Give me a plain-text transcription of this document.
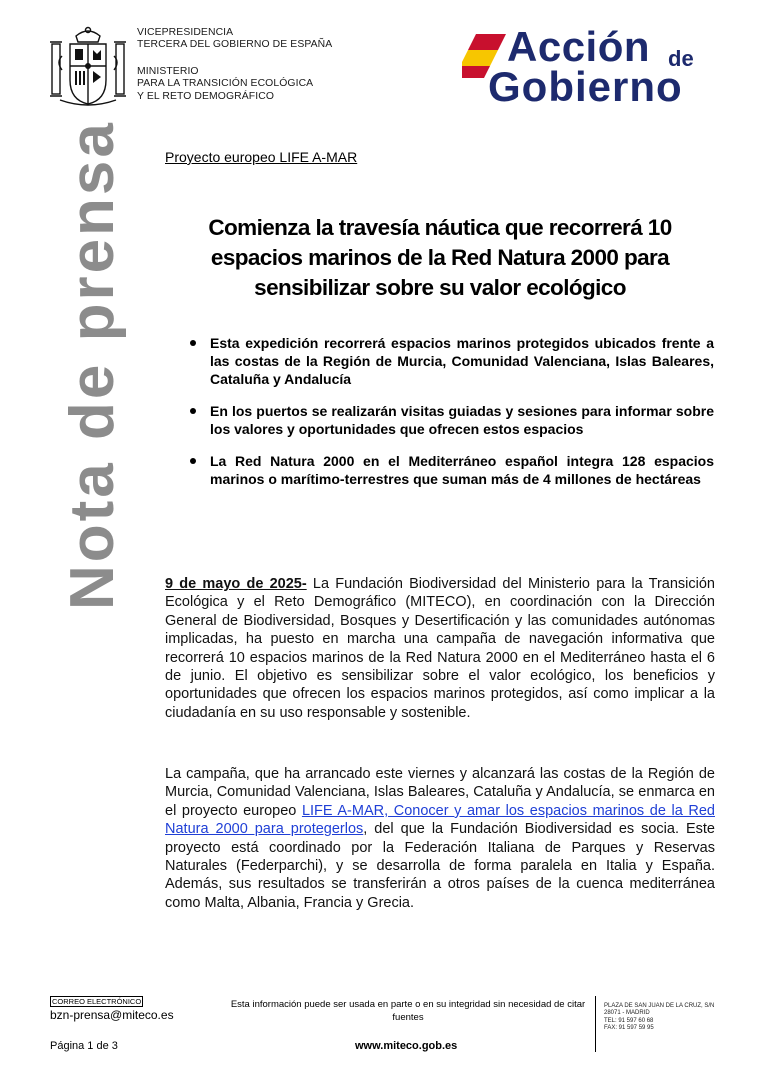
VICEPRESIDENCIA
TERCERA DEL GOBIERNO DE ESPAÑA
MINISTERIO
PARA LA TRANSICIÓN ECOLÓGICA
Y EL RETO DEMOGRÁFICO
Acción de
Gobierno
Nota de prensa	Proyecto europeo LIFE A-MAR
Comienza la travesía náutica que recorrerá 10
espacios marinos de la Red Natura 2000 para
sensibilizar sobre su valor ecológico
Esta expedición recorrerá espacios marinos protegidos ubicados frente a las costas de la Región de Murcia, Comunidad Valenciana, Islas Baleares, Cataluña y Andalucía
En los puertos se realizarán visitas guiadas y sesiones para informar sobre los valores y oportunidades que ofrecen estos espacios
La Red Natura 2000 en el Mediterráneo español integra 128 espacios marinos o marítimo-terrestres que suman más de 4 millones de hectáreas
9 de mayo de 2025- La Fundación Biodiversidad del Ministerio para la Transición Ecológica y el Reto Demográfico (MITECO), en coordinación con la Dirección General de Biodiversidad, Bosques y Desertificación y las comunidades autónomas implicadas, ha puesto en marcha una campaña de navegación informativa que recorrerá 10 espacios marinos de la Red Natura 2000 en el Mediterráneo hasta el 6 de junio. El objetivo es sensibilizar sobre el valor ecológico, los beneficios y oportunidades que ofrecen los espacios marinos protegidos, así como implicar a la ciudadanía en su uso responsable y sostenible.
La campaña, que ha arrancado este viernes y alcanzará las costas de la Región de Murcia, Comunidad Valenciana, Islas Baleares, Cataluña y Andalucía, se enmarca en el proyecto europeo LIFE A-MAR, Conocer y amar los espacios marinos de la Red Natura 2000 para protegerlos, del que la Fundación Biodiversidad es socia. Este proyecto está coordinado por la Federación Italiana de Parques y Reservas Naturales (Federparchi), y se desarrolla de forma paralela en Italia y España. Además, sus resultados se transferirán a otros países de la cuenca mediterránea como Malta, Albania, Francia y Grecia.
CORREO ELECTRÓNICO
bzn-prensa@miteco.es
Esta información puede ser usada en parte o en su integridad sin necesidad de citar fuentes
PLAZA DE SAN JUAN DE LA CRUZ, S/N
28071 - MADRID
TEL: 91 597 60 68
FAX: 91 597 59 95
Página 1 de 3	www.miteco.gob.es
